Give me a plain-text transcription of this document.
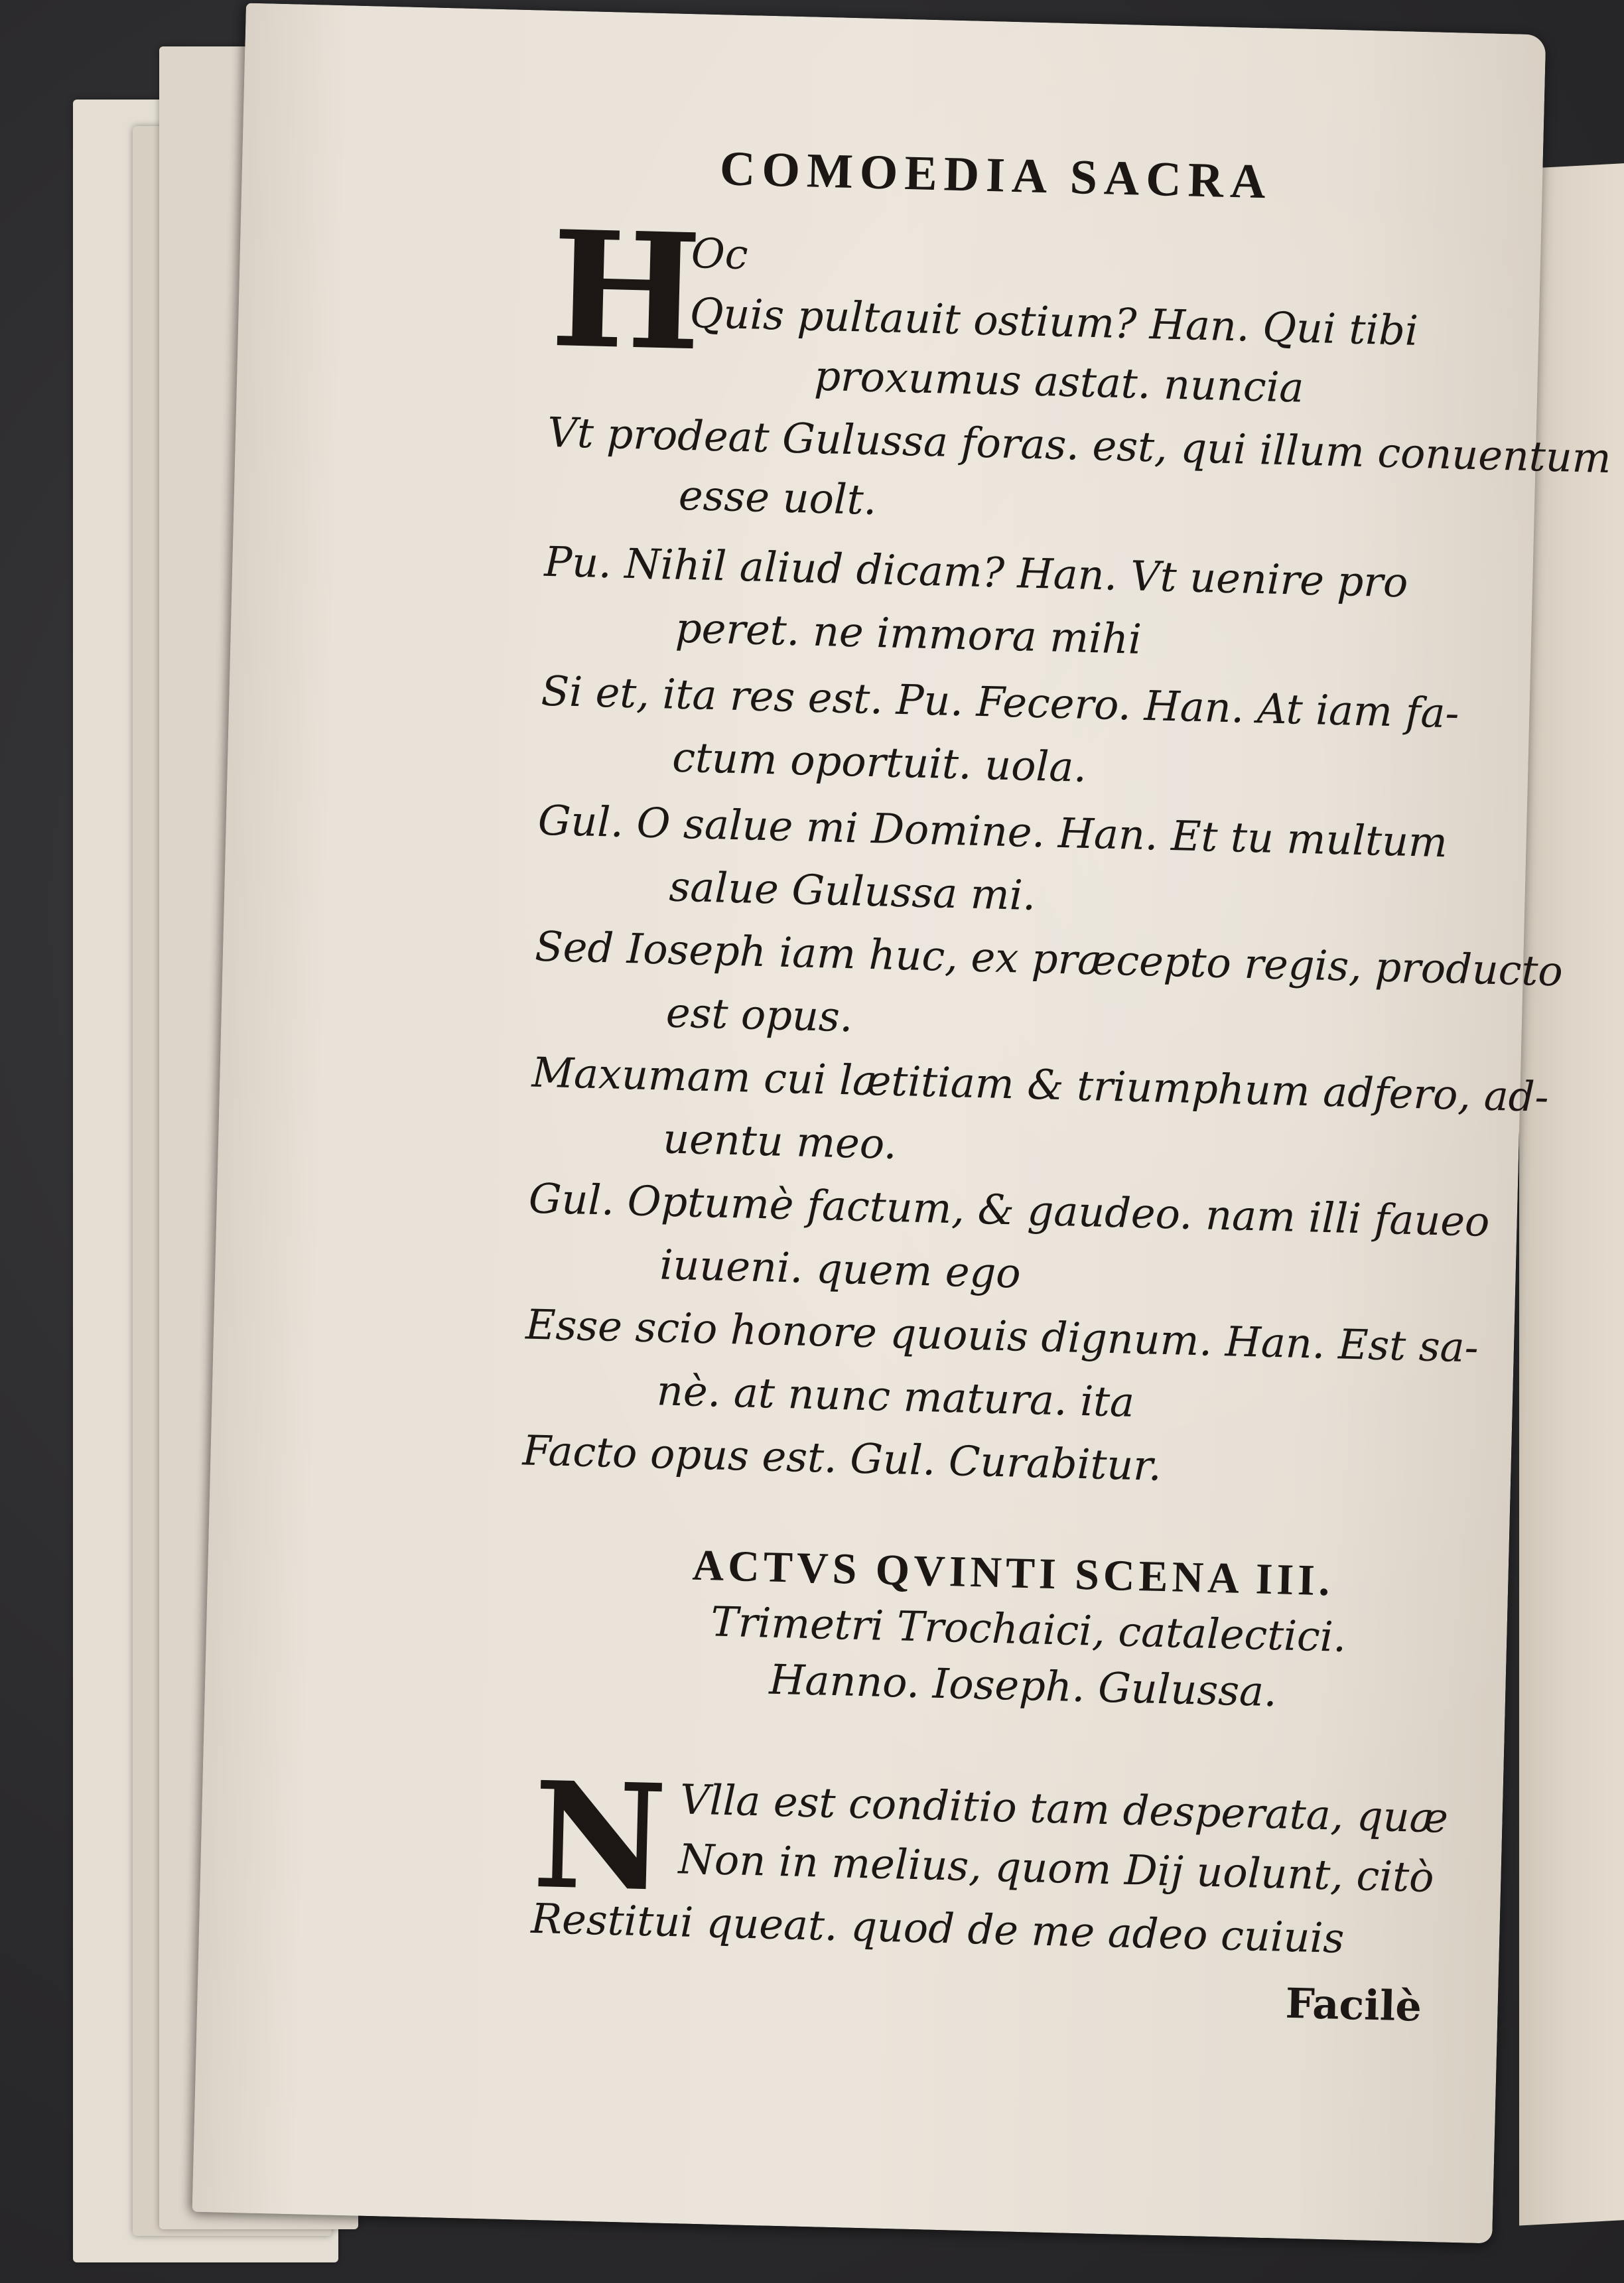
COMOEDIA SACRA
H
Oc
Quis pultauit ostium? Han. Qui tibi
proxumus astat. nuncia
Vt prodeat Gulussa foras. est, qui illum conuentum
esse uolt.
Pu. Nihil aliud dicam? Han. Vt uenire pro
peret. ne immora mihi
Si et, ita res est. Pu. Fecero. Han. At iam fa-
ctum oportuit. uola.
Gul. O salue mi Domine. Han. Et tu multum
salue Gulussa mi.
Sed Ioseph iam huc, ex præcepto regis, producto
est opus.
Maxumam cui lætitiam & triumphum adfero, ad-
uentu meo.
Gul. Optumè factum, & gaudeo. nam illi faueo
iuueni. quem ego
Esse scio honore quouis dignum. Han. Est sa-
nè. at nunc matura. ita
Facto opus est. Gul. Curabitur.
ACTVS QVINTI SCENA III.
Trimetri Trochaici, catalectici.
Hanno. Ioseph. Gulussa.
N Vlla est conditio tam desperata, quæ
Non in melius, quom Dij uolunt, citò
Restitui queat. quod de me adeo cuiuis
Facilè
